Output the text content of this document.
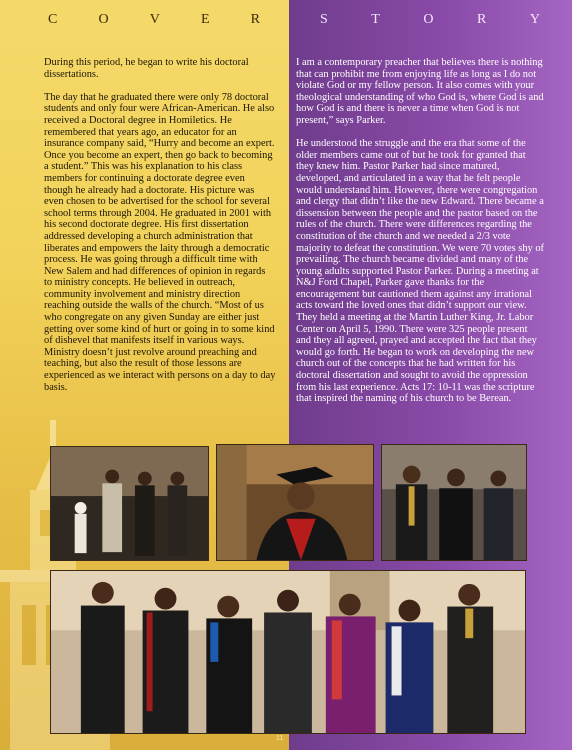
C	O	V	E	R	S	T	O	R	Y

During this period, he began to write his doctoral dissertations.

The day that he graduated there were only 78 doctoral students and only four were African-American. He also received a Doctoral degree in Homiletics. He remembered that years ago, an educator for an insurance company said, “Hurry and become an expert. Once you become an expert, then go back to becoming a student.” This was his explanation to his class members for continuing a doctorate degree even though he already had a doctorate. His picture was even chosen to be advertised for the school for several school terms through 2004. He graduated in 2001 with his second doctorate degree. His first dissertation addressed developing a church administration that liberates and empowers the laity through a democratic process. He was going through a difficult time with New Salem and had differences of opinion in regards to ministry concepts. He believed in outreach, community involvement and ministry direction reaching outside the walls of the church. “Most of us who congregate on any given Sunday are either just getting over some kind of hurt or going in to some kind of dishevel that manifests itself in various ways. Ministry doesn’t just revolve around preaching and teaching, but also the result of those lessons are experienced as we interact with persons on a day to day basis.

I am a contemporary preacher that believes there is nothing that can prohibit me from enjoying life as long as I do not violate God or my fellow person. It also comes with your theological understanding of who God is, where God is and how God is and there is never a time when God is not present,” says Parker.

He understood the struggle and the era that some of the older members came out of but he took for granted that they knew him. Pastor Parker had since matured, developed, and articulated in a way that he felt people would understand him. However, there were congregation and clergy that didn’t like the new Edward. There became a dissension between the people and the pastor based on the rules of the church. There were differences regarding the constitution of the church and we needed a 2/3 vote majority to defeat the constitution. We were 70 votes shy of prevailing. The church became divided and many of the young adults supported Pastor Parker. During a meeting at N&J Ford Chapel, Parker gave thanks for the encouragement but cautioned them against any irrational acts toward the loved ones that didn’t support our view. They held a meeting at the Martin Luther King, Jr. Labor Center on April 5, 1990. There were 325 people present and they all agreed, prayed and accepted the fact that they would go forth. He began to work on developing the new church out of the concepts that he had written for his doctoral dissertation and sought to avoid the oppression from his last experience. Acts 17: 10-11 was the scripture that inspired the naming of his church to be Berean.

11
